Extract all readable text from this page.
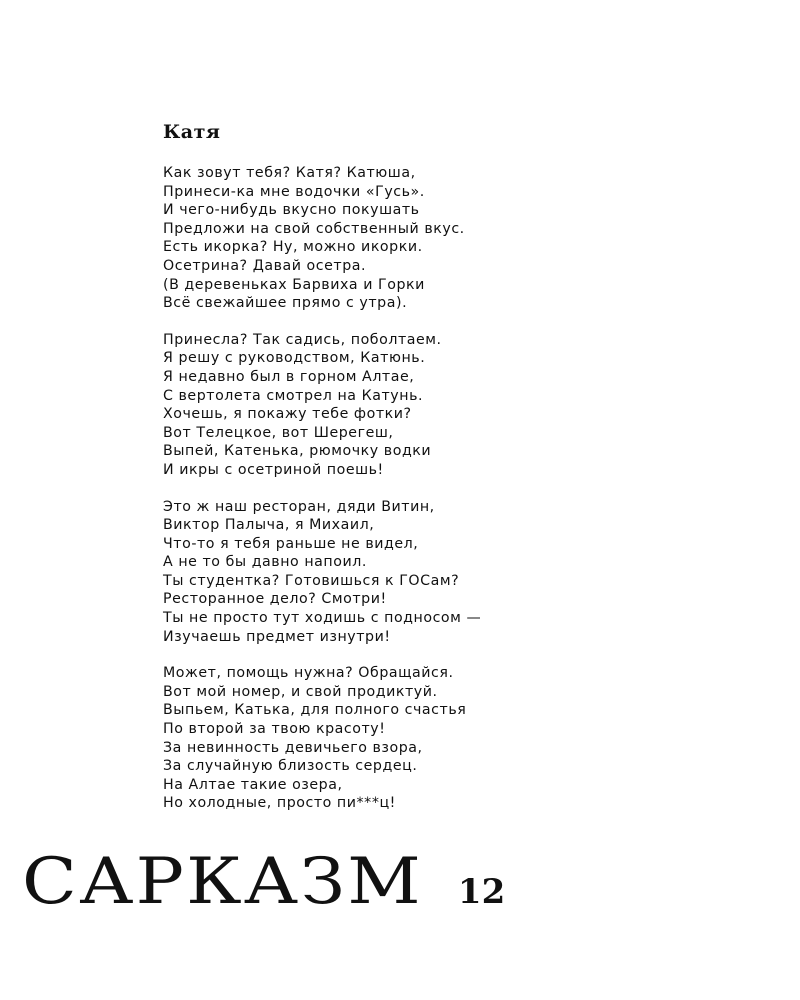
Катя
Как зовут тебя? Катя? Катюша,
Принеси-ка мне водочки «Гусь».
И чего-нибудь вкусно покушать
Предложи на свой собственный вкус.
Есть икорка? Ну, можно икорки.
Осетрина? Давай осетра.
(В деревеньках Барвиха и Горки
Всё свежайшее прямо с утра).
Принесла? Так садись, поболтаем.
Я решу с руководством, Катюнь.
Я недавно был в горном Алтае,
С вертолета смотрел на Катунь.
Хочешь, я покажу тебе фотки?
Вот Телецкое, вот Шерегеш,
Выпей, Катенька, рюмочку водки
И икры с осетриной поешь!
Это ж наш ресторан, дяди Витин,
Виктор Палыча, я Михаил,
Что-то я тебя раньше не видел,
А не то бы давно напоил.
Ты студентка? Готовишься к ГОСам?
Ресторанное дело? Смотри!
Ты не просто тут ходишь с подносом —
Изучаешь предмет изнутри!
Может, помощь нужна? Обращайся.
Вот мой номер, и свой продиктуй.
Выпьем, Катька, для полного счастья
По второй за твою красоту!
За невинность девичьего взора,
За случайную близость сердец.
На Алтае такие озера,
Но холодные, просто пи***ц!
САРКАЗМ 12
